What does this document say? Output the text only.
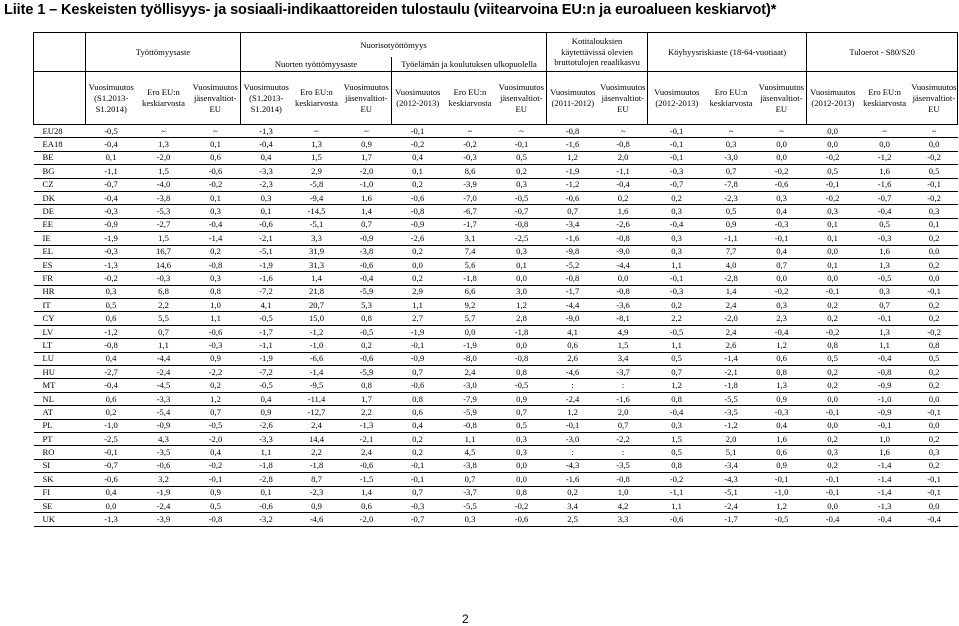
Liite 1 – Keskeisten työllisyys- ja sosiaali-indikaattoreiden tulostaulu (viitearvoina EU:n ja euroalueen keskiarvot)*
	Työttömyysaste			Nuorisotyöttömyys						Kotitalouksien käytettävissä olevien bruttotulojen reaalikasvu		Köyhyysriskiaste (18-64-vuotiaat)			Tuloerot - S80/S20		
				Nuorten työttömyysaste			Työelämän ja koulutuksen ulkopuolella										
	Vuosimuutos (S1.2013-S1.2014)	Ero EU:n keskiarvosta	Vuosimuutos jäsenvaltiot-EU	Vuosimuutos (S1.2013-S1.2014)	Ero EU:n keskiarvosta	Vuosimuutos jäsenvaltiot-EU	Vuosimuutos (2012-2013)	Ero EU:n keskiarvosta	Vuosimuutos jäsenvaltiot-EU	Vuosimuutos (2011-2012)	Vuosimuutos jäsenvaltiot-EU	Vuosimuutos (2012-2013)	Ero EU:n keskiarvosta	Vuosimuutos jäsenvaltiot-EU	Vuosimuutos (2012-2013)	Ero EU:n keskiarvosta	Vuosimuutos jäsenvaltiot-EU
EU28	-0,5	~	~	-1,3	~	~	-0,1	~	~	-0,8	~	-0,1	~	~	0,0	~	~
EA18	-0,4	1,3	0,1	-0,4	1,3	0,9	-0,2	-0,2	-0,1	-1,6	-0,8	-0,1	0,3	0,0	0,0	0,0	0,0
BE	0,1	-2,0	0,6	0,4	1,5	1,7	0,4	-0,3	0,5	1,2	2,0	-0,1	-3,0	0,0	-0,2	-1,2	-0,2
BG	-1,1	1,5	-0,6	-3,3	2,9	-2,0	0,1	8,6	0,2	-1,9	-1,1	-0,3	0,7	-0,2	0,5	1,6	0,5
CZ	-0,7	-4,0	-0,2	-2,3	-5,8	-1,0	0,2	-3,9	0,3	-1,2	-0,4	-0,7	-7,8	-0,6	-0,1	-1,6	-0,1
DK	-0,4	-3,8	0,1	0,3	-9,4	1,6	-0,6	-7,0	-0,5	-0,6	0,2	0,2	-2,3	0,3	-0,2	-0,7	-0,2
DE	-0,3	-5,3	0,3	0,1	-14,5	1,4	-0,8	-6,7	-0,7	0,7	1,6	0,3	0,5	0,4	0,3	-0,4	0,3
EE	-0,9	-2,7	-0,4	-0,6	-5,1	0,7	-0,9	-1,7	-0,8	-3,4	-2,6	-0,4	0,9	-0,3	0,1	0,5	0,1
IE	-1,9	1,5	-1,4	-2,1	3,3	-0,9	-2,6	3,1	-2,5	-1,6	-0,8	0,3	-1,1	-0,1	0,1	-0,3	0,2
EL	-0,3	16,7	0,2	-5,1	31,9	-3,8	0,2	7,4	0,3	-9,8	-9,0	0,3	7,7	0,4	0,0	1,6	0,0
ES	-1,3	14,6	-0,8	-1,9	31,3	-0,6	0,0	5,6	0,1	-5,2	-4,4	1,1	4,0	0,7	0,1	1,3	0,2
FR	-0,2	-0,3	0,3	-1,6	1,4	-0,4	0,2	-1,8	0,0	-0,8	0,0	-0,1	-2,8	0,0	0,0	-0,5	0,0
HR	0,3	6,8	0,8	-7,2	21,8	-5,9	2,9	6,6	3,0	-1,7	-0,8	-0,3	1,4	-0,2	-0,1	0,3	-0,1
IT	0,5	2,2	1,0	4,1	20,7	5,3	1,1	9,2	1,2	-4,4	-3,6	0,2	2,4	0,3	0,2	0,7	0,2
CY	0,6	5,5	1,1	-0,5	15,0	0,8	2,7	5,7	2,8	-9,0	-8,1	2,2	-2,0	2,3	0,2	-0,1	0,2
LV	-1,2	0,7	-0,6	-1,7	-1,2	-0,5	-1,9	0,0	-1,8	4,1	4,9	-0,5	2,4	-0,4	-0,2	1,3	-0,2
LT	-0,8	1,1	-0,3	-1,1	-1,0	0,2	-0,1	-1,9	0,0	0,6	1,5	1,1	2,6	1,2	0,8	1,1	0,8
LU	0,4	-4,4	0,9	-1,9	-6,6	-0,6	-0,9	-8,0	-0,8	2,6	3,4	0,5	-1,4	0,6	0,5	-0,4	0,5
HU	-2,7	-2,4	-2,2	-7,2	-1,4	-5,9	0,7	2,4	0,8	-4,6	-3,7	0,7	-2,1	0,8	0,2	-0,8	0,2
MT	-0,4	-4,5	0,2	-0,5	-9,5	0,8	-0,6	-3,0	-0,5	:	:	1,2	-1,8	1,3	0,2	-0,9	0,2
NL	0,6	-3,3	1,2	0,4	-11,4	1,7	0,8	-7,9	0,9	-2,4	-1,6	0,8	-5,5	0,9	0,0	-1,0	0,0
AT	0,2	-5,4	0,7	0,9	-12,7	2,2	0,6	-5,9	0,7	1,2	2,0	-0,4	-3,5	-0,3	-0,1	-0,9	-0,1
PL	-1,0	-0,9	-0,5	-2,6	2,4	-1,3	0,4	-0,8	0,5	-0,1	0,7	0,3	-1,2	0,4	0,0	-0,1	0,0
PT	-2,5	4,3	-2,0	-3,3	14,4	-2,1	0,2	1,1	0,3	-3,0	-2,2	1,5	2,0	1,6	0,2	1,0	0,2
RO	-0,1	-3,5	0,4	1,1	2,2	2,4	0,2	4,5	0,3	:	:	0,5	5,1	0,6	0,3	1,6	0,3
SI	-0,7	-0,6	-0,2	-1,8	-1,8	-0,6	-0,1	-3,8	0,0	-4,3	-3,5	0,8	-3,4	0,9	0,2	-1,4	0,2
SK	-0,6	3,2	-0,1	-2,8	8,7	-1,5	-0,1	0,7	0,0	-1,6	-0,8	-0,2	-4,3	-0,1	-0,1	-1,4	-0,1
FI	0,4	-1,9	0,9	0,1	-2,3	1,4	0,7	-3,7	0,8	0,2	1,0	-1,1	-5,1	-1,0	-0,1	-1,4	-0,1
SE	0,0	-2,4	0,5	-0,6	0,9	0,6	-0,3	-5,5	-0,2	3,4	4,2	1,1	-2,4	1,2	0,0	-1,3	0,0
UK	-1,3	-3,9	-0,8	-3,2	-4,6	-2,0	-0,7	0,3	-0,6	2,5	3,3	-0,6	-1,7	-0,5	-0,4	-0,4	-0,4
2
